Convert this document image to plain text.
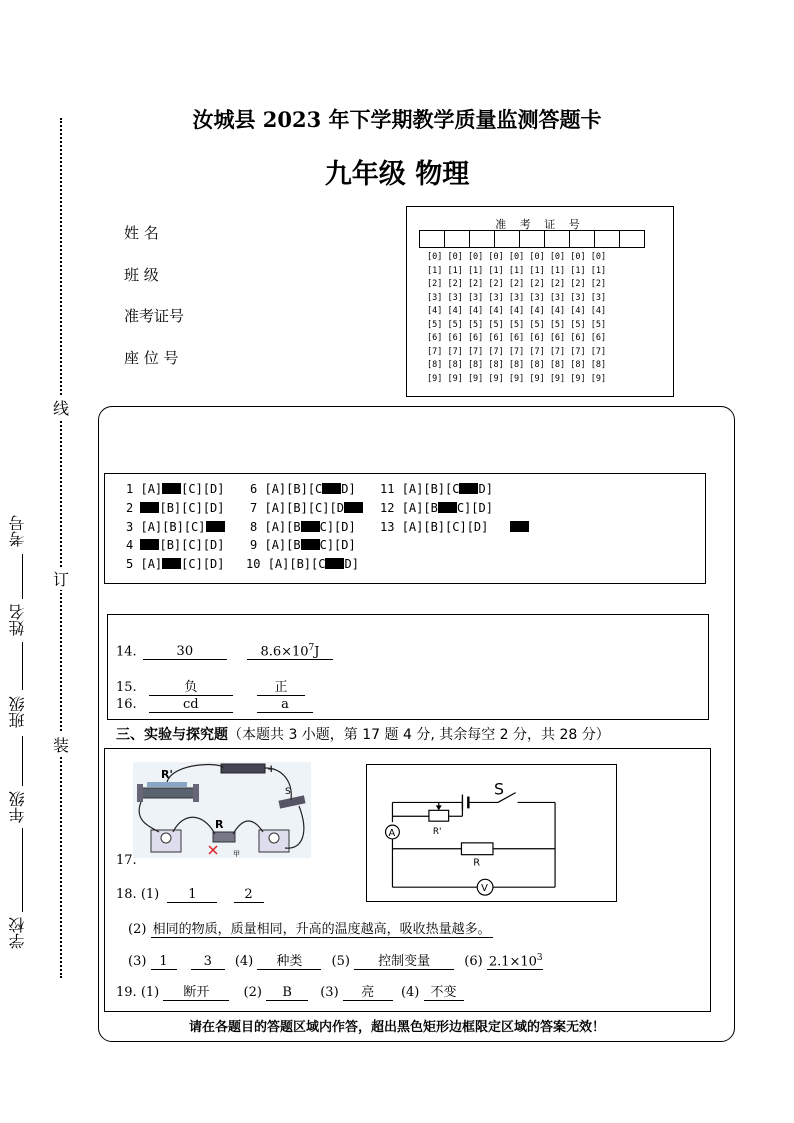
汝城县 2023 年下学期教学质量监测答题卡
九年级 物理
姓 名
班 级
准考证号
座 位 号
准 考 证 号
[0] [0] [0] [0] [0] [0] [0] [0] [0]
[1] [1] [1] [1] [1] [1] [1] [1] [1]
[2] [2] [2] [2] [2] [2] [2] [2] [2]
[3] [3] [3] [3] [3] [3] [3] [3] [3]
[4] [4] [4] [4] [4] [4] [4] [4] [4]
[5] [5] [5] [5] [5] [5] [5] [5] [5]
[6] [6] [6] [6] [6] [6] [6] [6] [6]
[7] [7] [7] [7] [7] [7] [7] [7] [7]
[8] [8] [8] [8] [8] [8] [8] [8] [8]
[9] [9] [9] [9] [9] [9] [9] [9] [9]
线
订
装
考号
姓名
班级
年级
学校
1 [A] [C][D]
2 [B][C][D]
3 [A][B][C]
4 [B][C][D]
5 [A] [C][D]
6 [A][B][C D]
7 [A][B][C][D
8 [A][B C][D]
9 [A][B C][D]
10 [A][B][C D]
11 [A][B][C D]
12 [A][B C][D]
13 [A][B][C][D]
14.	30	$8.6\times 10^7J$
15.	负	正
16.	cd	a
三、实验与探究题（本题共 3 小题，第 17 题 4 分, 其余每空 2 分，共 28 分）
R'	+
S
R
甲
S
A	R'
R
V
17.
18. (1) 1	2
(2) 相同的物质，质量相同，升高的温度越高，吸收热量越多。
(3) 1	3 (4) 种类 (5) 控制变量	(6) $2.1\times 10^3$
19. (1) 断开	(2) B (3) 亮 (4) 不变
请在各题目的答题区域内作答，超出黑色矩形边框限定区域的答案无效！
